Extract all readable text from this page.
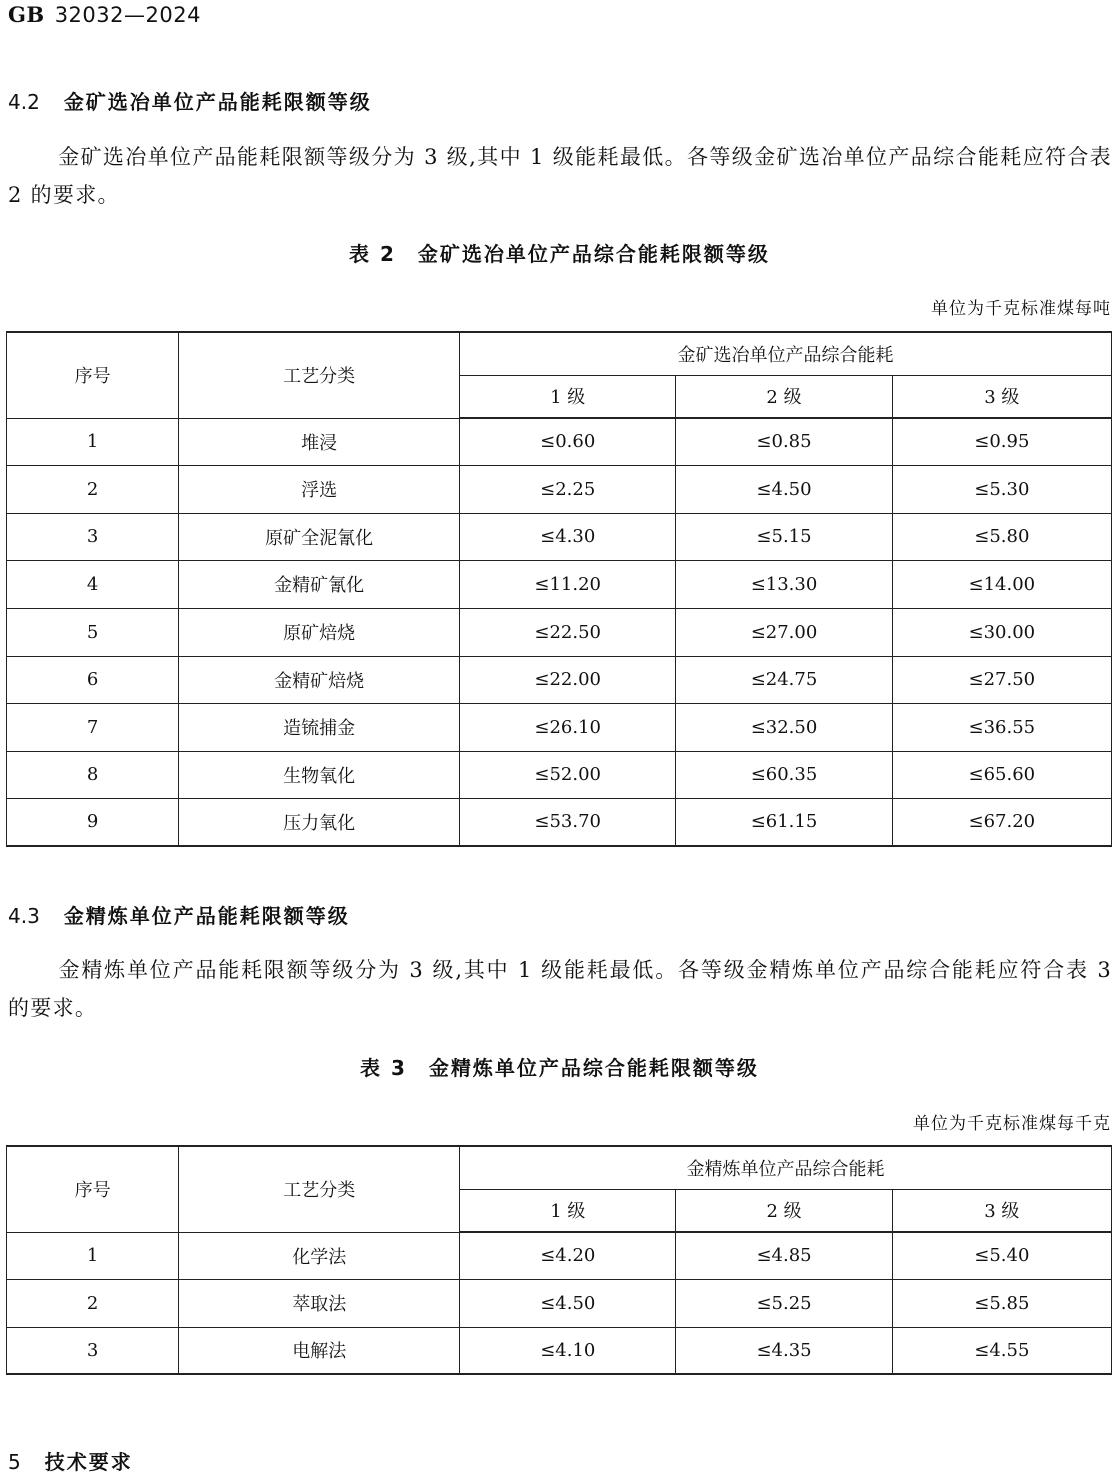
GB 32032—2024
4.2 金矿选冶单位产品能耗限额等级
金矿选冶单位产品能耗限额等级分为 3 级,其中 1 级能耗最低。各等级金矿选冶单位产品综合能耗应符合表 2 的要求。
表 2　金矿选冶单位产品综合能耗限额等级
单位为千克标准煤每吨
序号	工艺分类	金矿选冶单位产品综合能耗		
		1 级	2 级	3 级
1	堆浸	≤0.60	≤0.85	≤0.95
2	浮选	≤2.25	≤4.50	≤5.30
3	原矿全泥氰化	≤4.30	≤5.15	≤5.80
4	金精矿氰化	≤11.20	≤13.30	≤14.00
5	原矿焙烧	≤22.50	≤27.00	≤30.00
6	金精矿焙烧	≤22.00	≤24.75	≤27.50
7	造锍捕金	≤26.10	≤32.50	≤36.55
8	生物氧化	≤52.00	≤60.35	≤65.60
9	压力氧化	≤53.70	≤61.15	≤67.20
4.3 金精炼单位产品能耗限额等级
金精炼单位产品能耗限额等级分为 3 级,其中 1 级能耗最低。各等级金精炼单位产品综合能耗应符合表 3 的要求。
表 3　金精炼单位产品综合能耗限额等级
单位为千克标准煤每千克
序号	工艺分类	金精炼单位产品综合能耗		
		1 级	2 级	3 级
1	化学法	≤4.20	≤4.85	≤5.40
2	萃取法	≤4.50	≤5.25	≤5.85
3	电解法	≤4.10	≤4.35	≤4.55
5 技术要求
